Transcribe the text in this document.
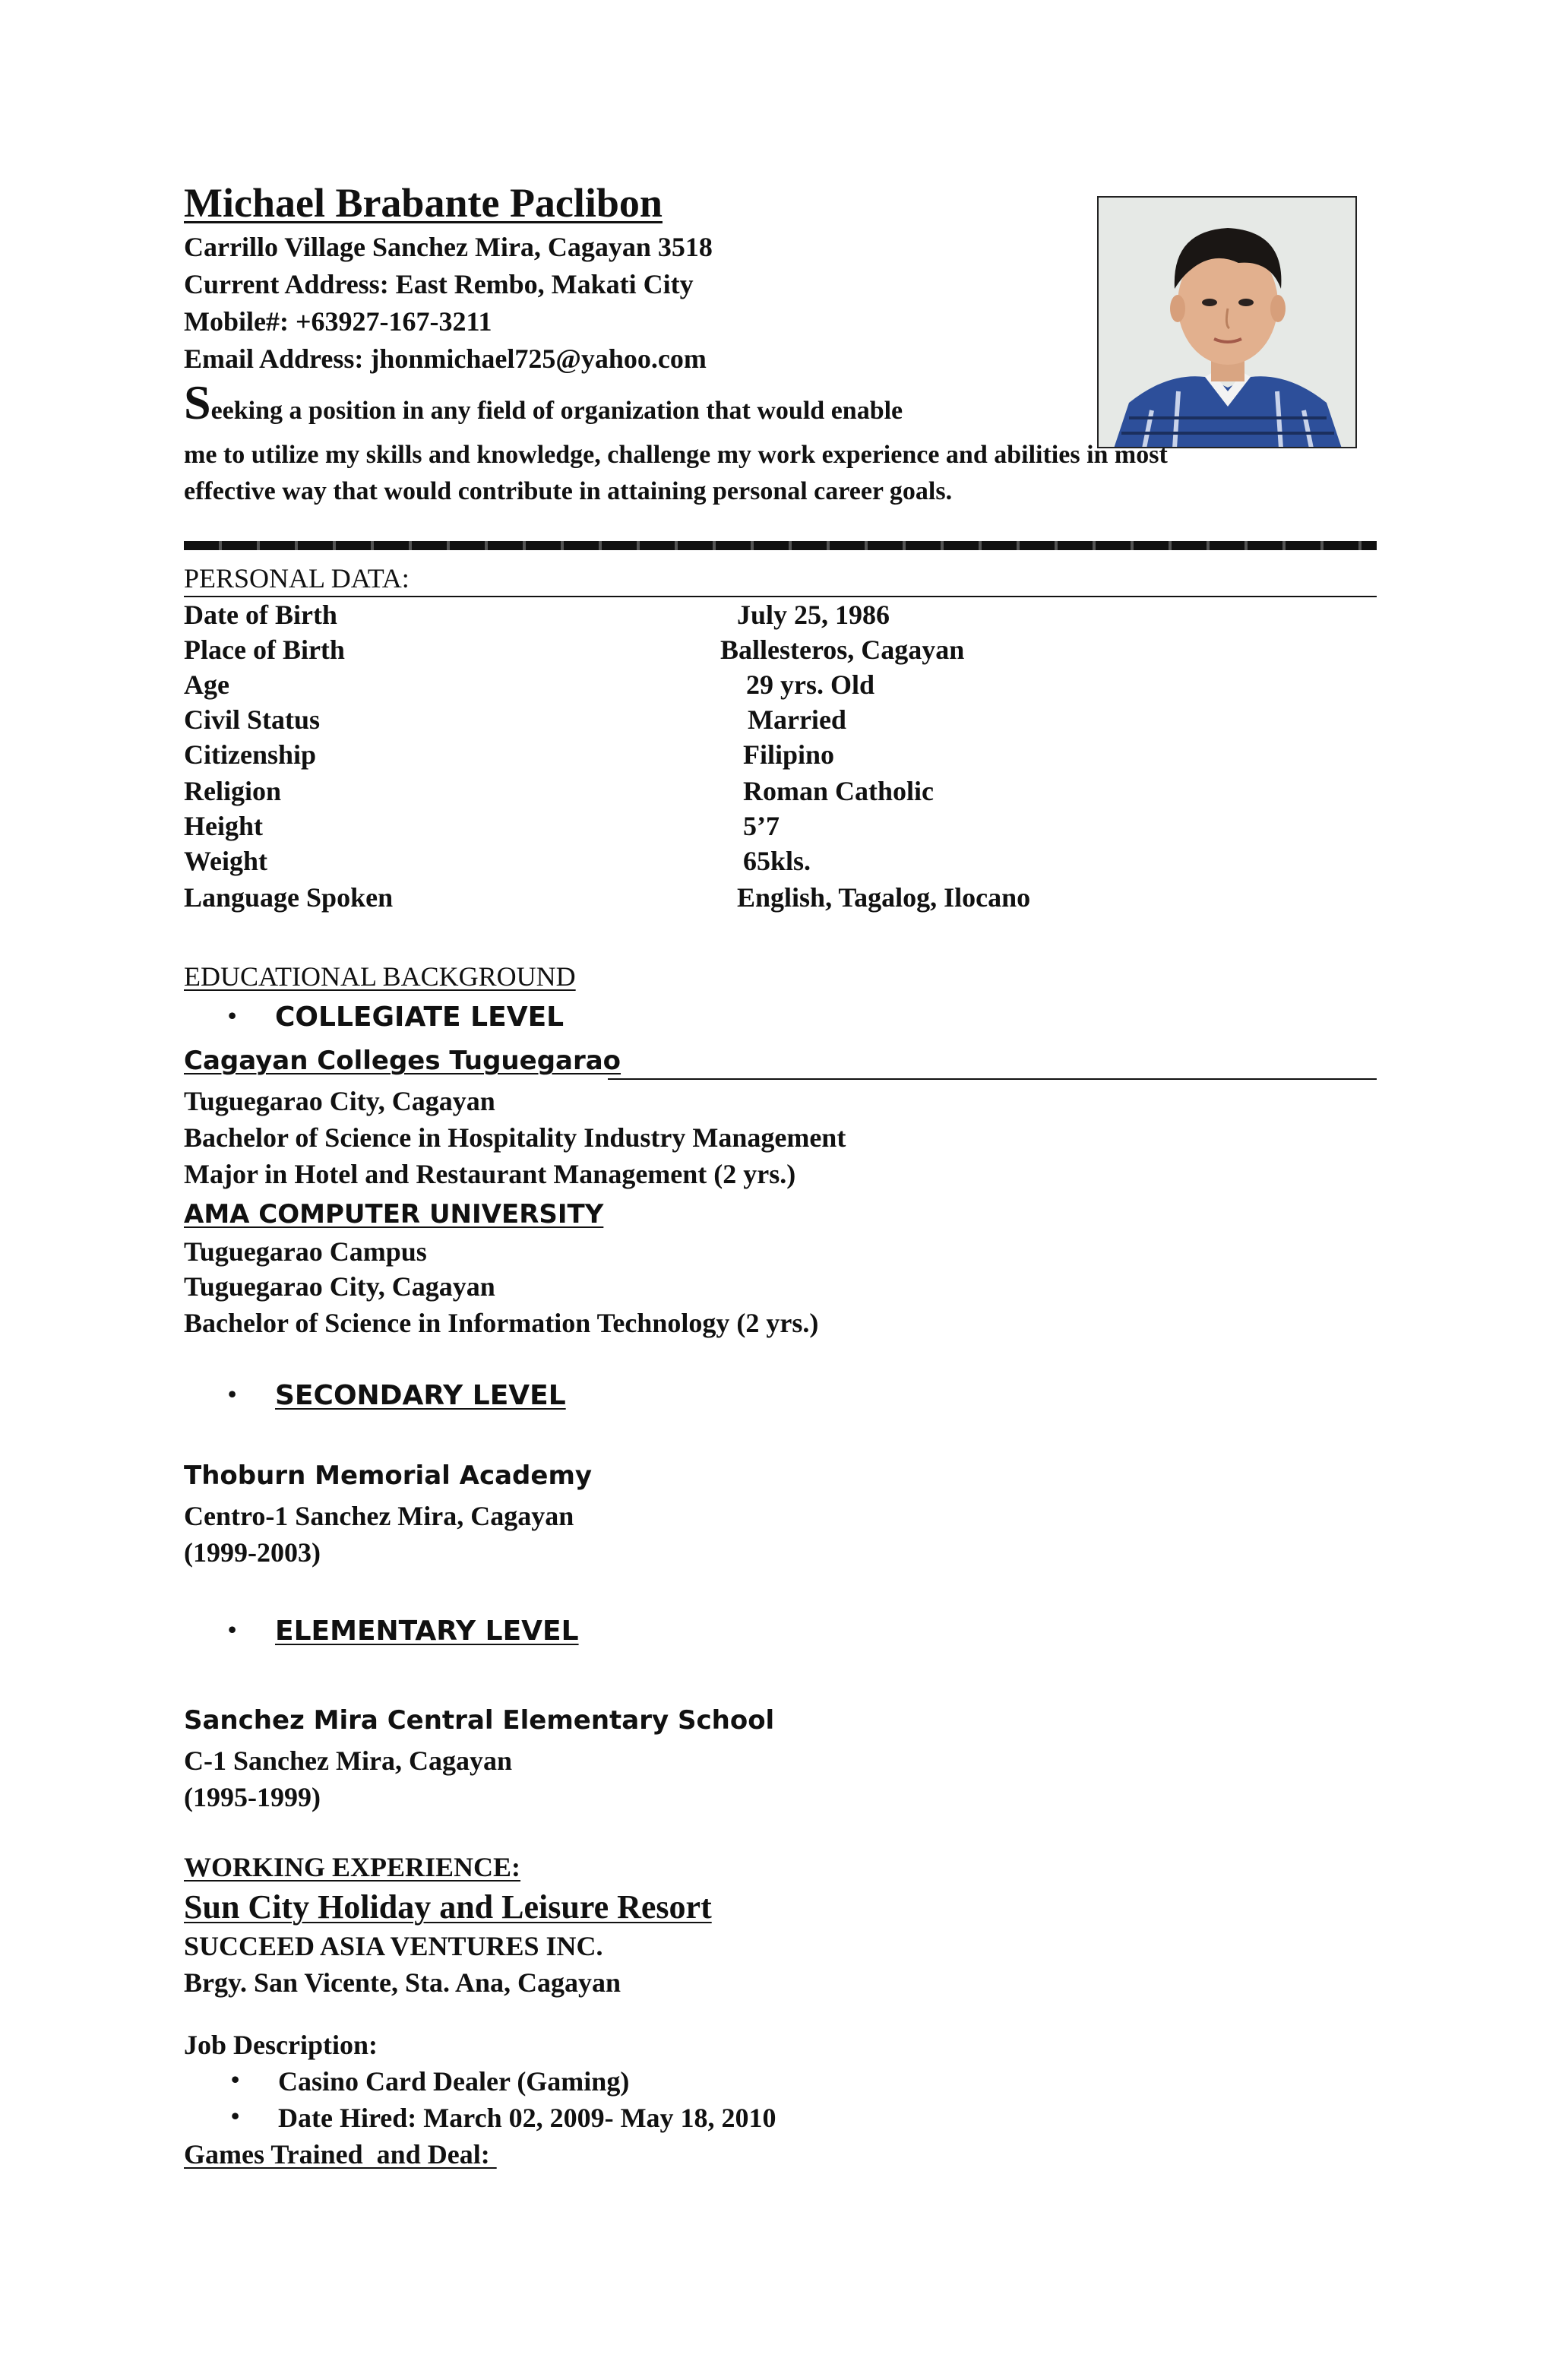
Michael Brabante Paclibon
Carrillo Village Sanchez Mira, Cagayan 3518
Current Address: East Rembo, Makati City
Mobile#: +63927-167-3211
Email Address: jhonmichael725@yahoo.com
Seeking a position in any field of organization that would enable
me to utilize my skills and knowledge, challenge my work experience and abilities in most
effective way that would contribute in attaining personal career goals.
PERSONAL DATA:
Date of Birth	July 25, 1986
Place of Birth	Ballesteros, Cagayan
Age	29 yrs. Old
Civil Status	Married
Citizenship	Filipino
Religion	Roman Catholic
Height	5’7
Weight	65kls.
Language Spoken	English, Tagalog, Ilocano
EDUCATIONAL BACKGROUND
• COLLEGIATE LEVEL
Cagayan Colleges Tuguegarao
Tuguegarao City, Cagayan
Bachelor of Science in Hospitality Industry Management
Major in Hotel and Restaurant Management (2 yrs.)
AMA COMPUTER UNIVERSITY
Tuguegarao Campus
Tuguegarao City, Cagayan
Bachelor of Science in Information Technology (2 yrs.)
• SECONDARY LEVEL
Thoburn Memorial Academy
Centro-1 Sanchez Mira, Cagayan
(1999-2003)
• ELEMENTARY LEVEL
Sanchez Mira Central Elementary School
C-1 Sanchez Mira, Cagayan
(1995-1999)
WORKING EXPERIENCE:
Sun City Holiday and Leisure Resort
SUCCEED ASIA VENTURES INC.
Brgy. San Vicente, Sta. Ana, Cagayan
Job Description:
• Casino Card Dealer (Gaming)
• Date Hired: March 02, 2009- May 18, 2010
Games Trained  and Deal:
